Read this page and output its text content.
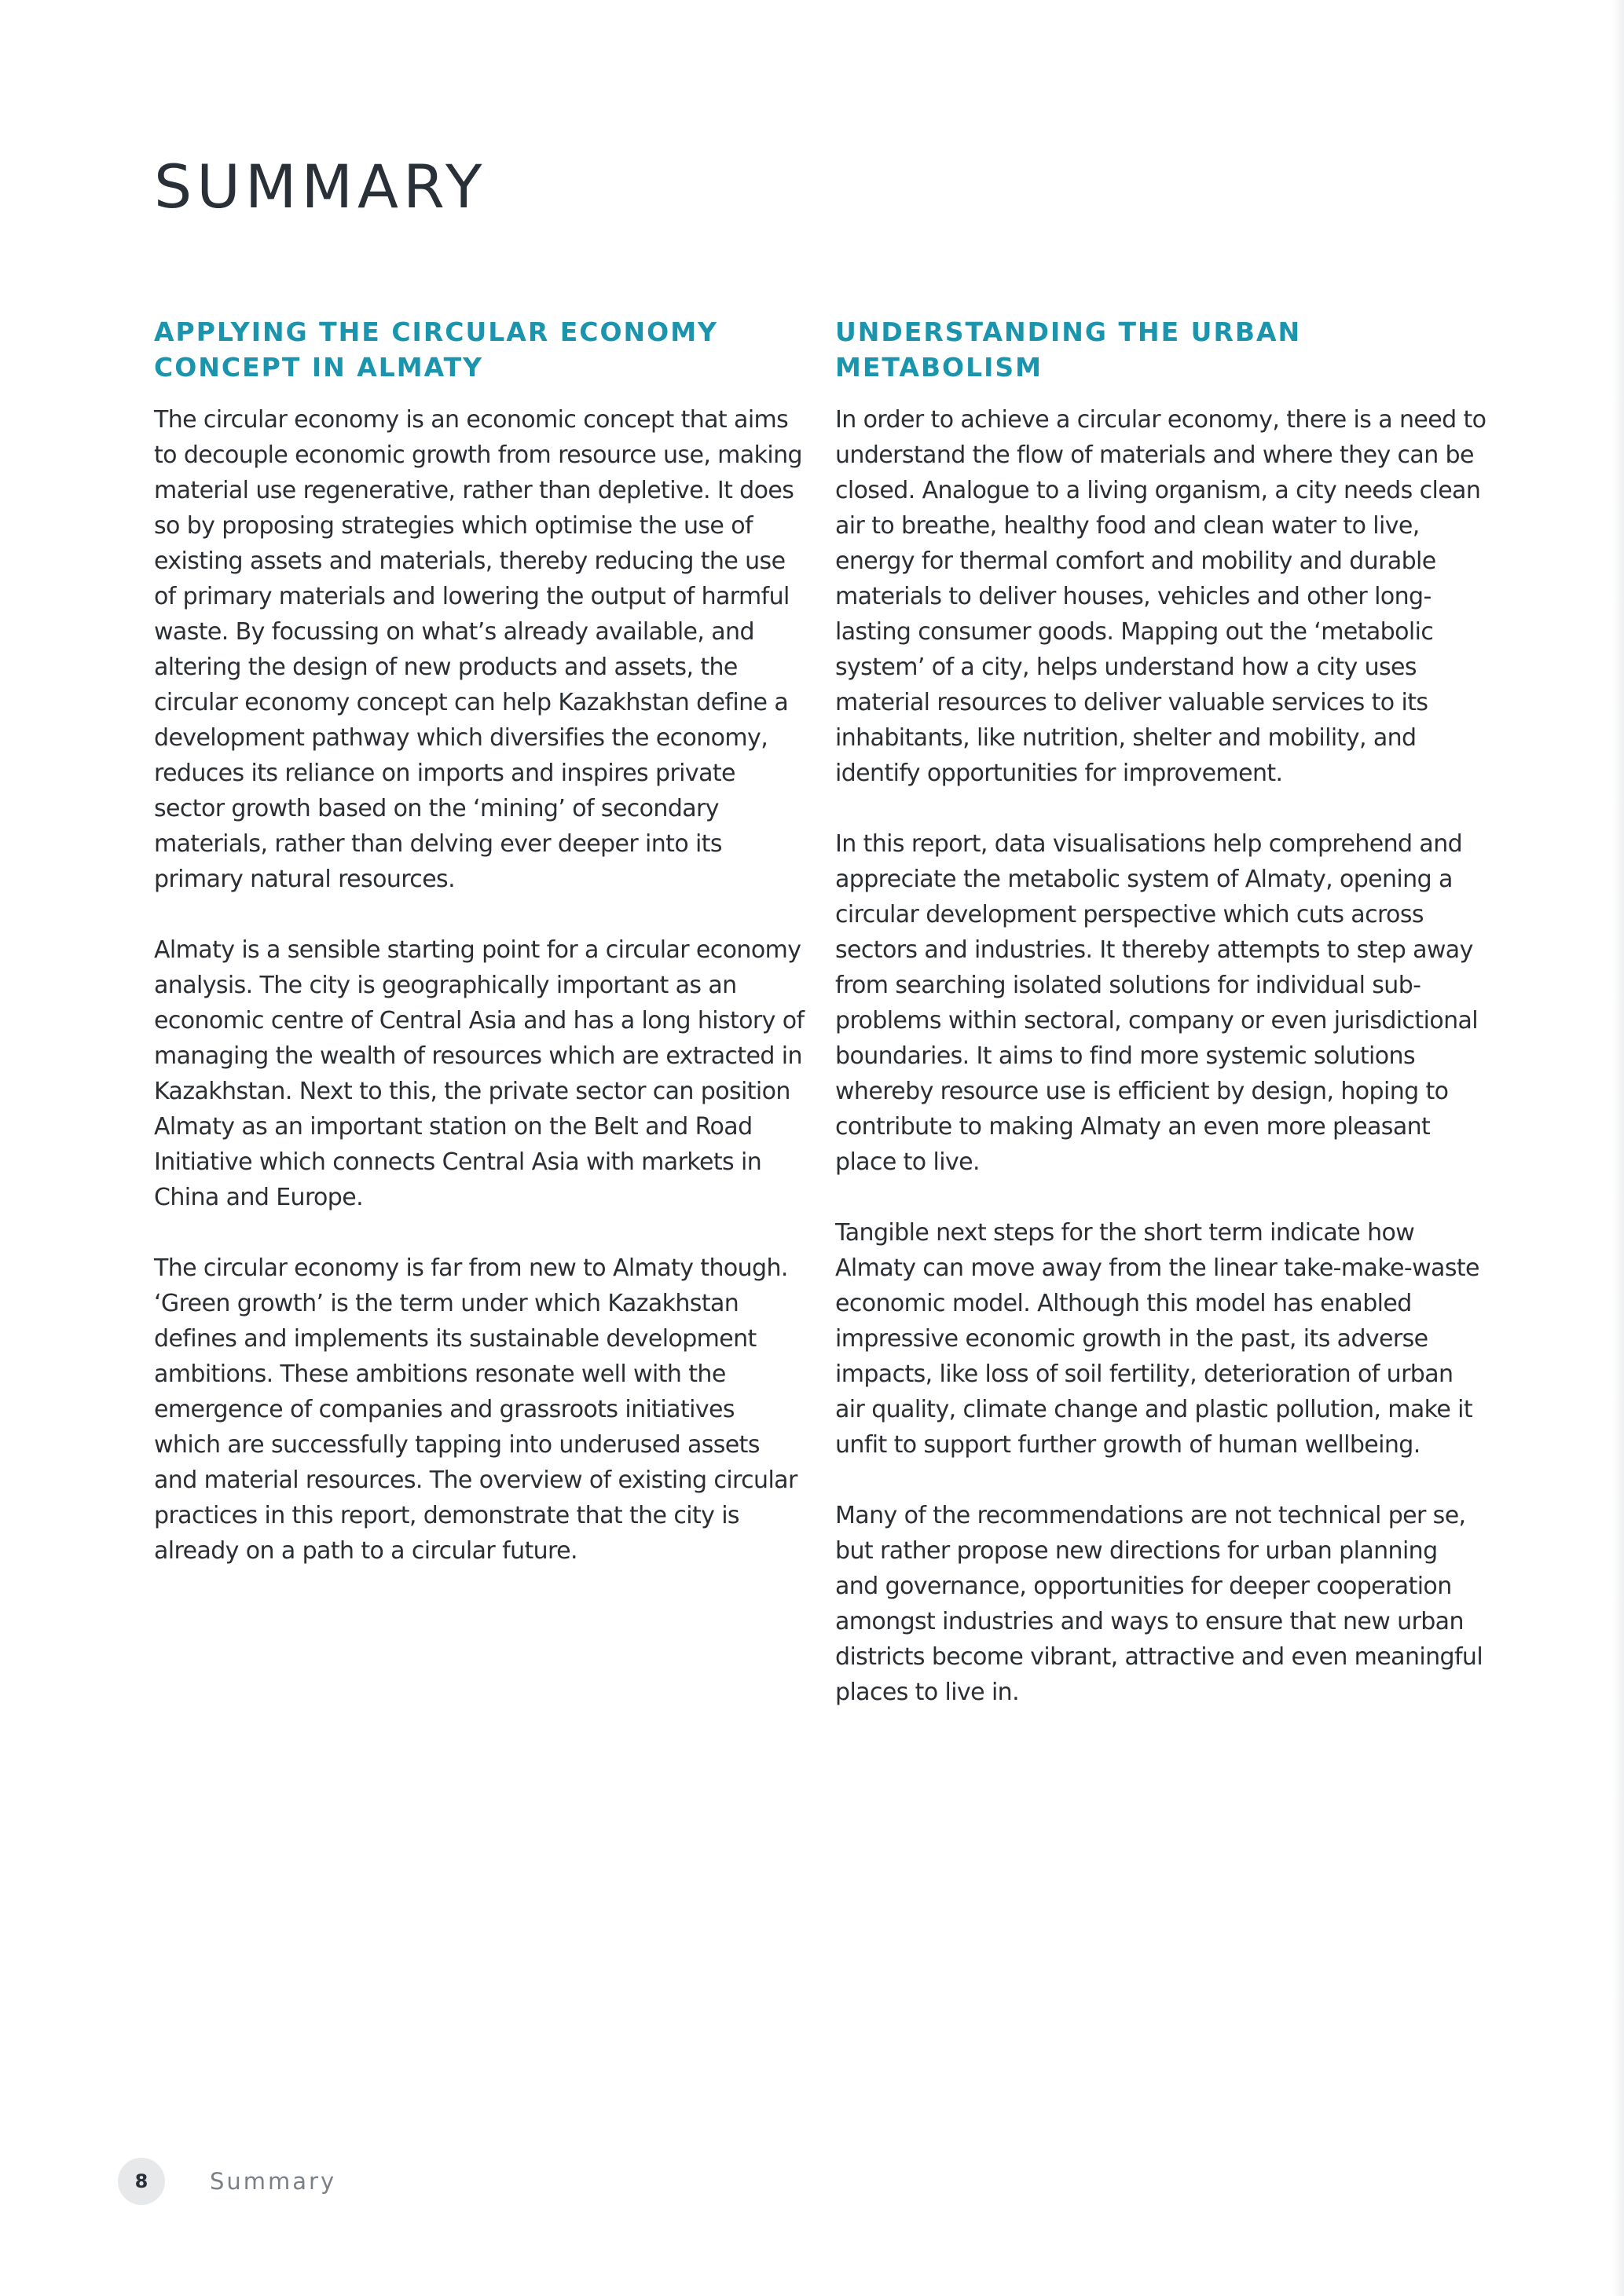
SUMMARY
APPLYING THE CIRCULAR ECONOMY CONCEPT IN ALMATY

The circular economy is an economic concept that aims to decouple economic growth from resource use, making material use regenerative, rather than depletive. It does so by proposing strategies which optimise the use of existing assets and materials, thereby reducing the use of primary materials and lowering the output of harmful waste. By focussing on what’s already available, and altering the design of new products and assets, the circular economy concept can help Kazakhstan define a development pathway which diversifies the economy, reduces its reliance on imports and inspires private sector growth based on the ‘mining’ of secondary materials, rather than delving ever deeper into its primary natural resources.

Almaty is a sensible starting point for a circular economy analysis. The city is geographically important as an economic centre of Central Asia and has a long history of managing the wealth of resources which are extracted in Kazakhstan. Next to this, the private sector can position Almaty as an important station on the Belt and Road Initiative which connects Central Asia with markets in China and Europe.

The circular economy is far from new to Almaty though. ‘Green growth’ is the term under which Kazakhstan defines and implements its sustainable development ambitions. These ambitions resonate well with the emergence of companies and grassroots initiatives which are successfully tapping into underused assets and material resources. The overview of existing circular practices in this report, demonstrate that the city is already on a path to a circular future.

UNDERSTANDING THE URBAN METABOLISM

In order to achieve a circular economy, there is a need to understand the flow of materials and where they can be closed. Analogue to a living organism, a city needs clean air to breathe, healthy food and clean water to live, energy for thermal comfort and mobility and durable materials to deliver houses, vehicles and other long-lasting consumer goods. Mapping out the ‘metabolic system’ of a city, helps understand how a city uses material resources to deliver valuable services to its inhabitants, like nutrition, shelter and mobility, and identify opportunities for improvement.

In this report, data visualisations help comprehend and appreciate the metabolic system of Almaty, opening a circular development perspective which cuts across sectors and industries. It thereby attempts to step away from searching isolated solutions for individual sub-problems within sectoral, company or even jurisdictional boundaries. It aims to find more systemic solutions whereby resource use is efficient by design, hoping to contribute to making Almaty an even more pleasant place to live.

Tangible next steps for the short term indicate how Almaty can move away from the linear take-make-waste economic model. Although this model has enabled impressive economic growth in the past, its adverse impacts, like loss of soil fertility, deterioration of urban air quality, climate change and plastic pollution, make it unfit to support further growth of human wellbeing.

Many of the recommendations are not technical per se, but rather propose new directions for urban planning and governance, opportunities for deeper cooperation amongst industries and ways to ensure that new urban districts become vibrant, attractive and even meaningful places to live in.

8	Summary
